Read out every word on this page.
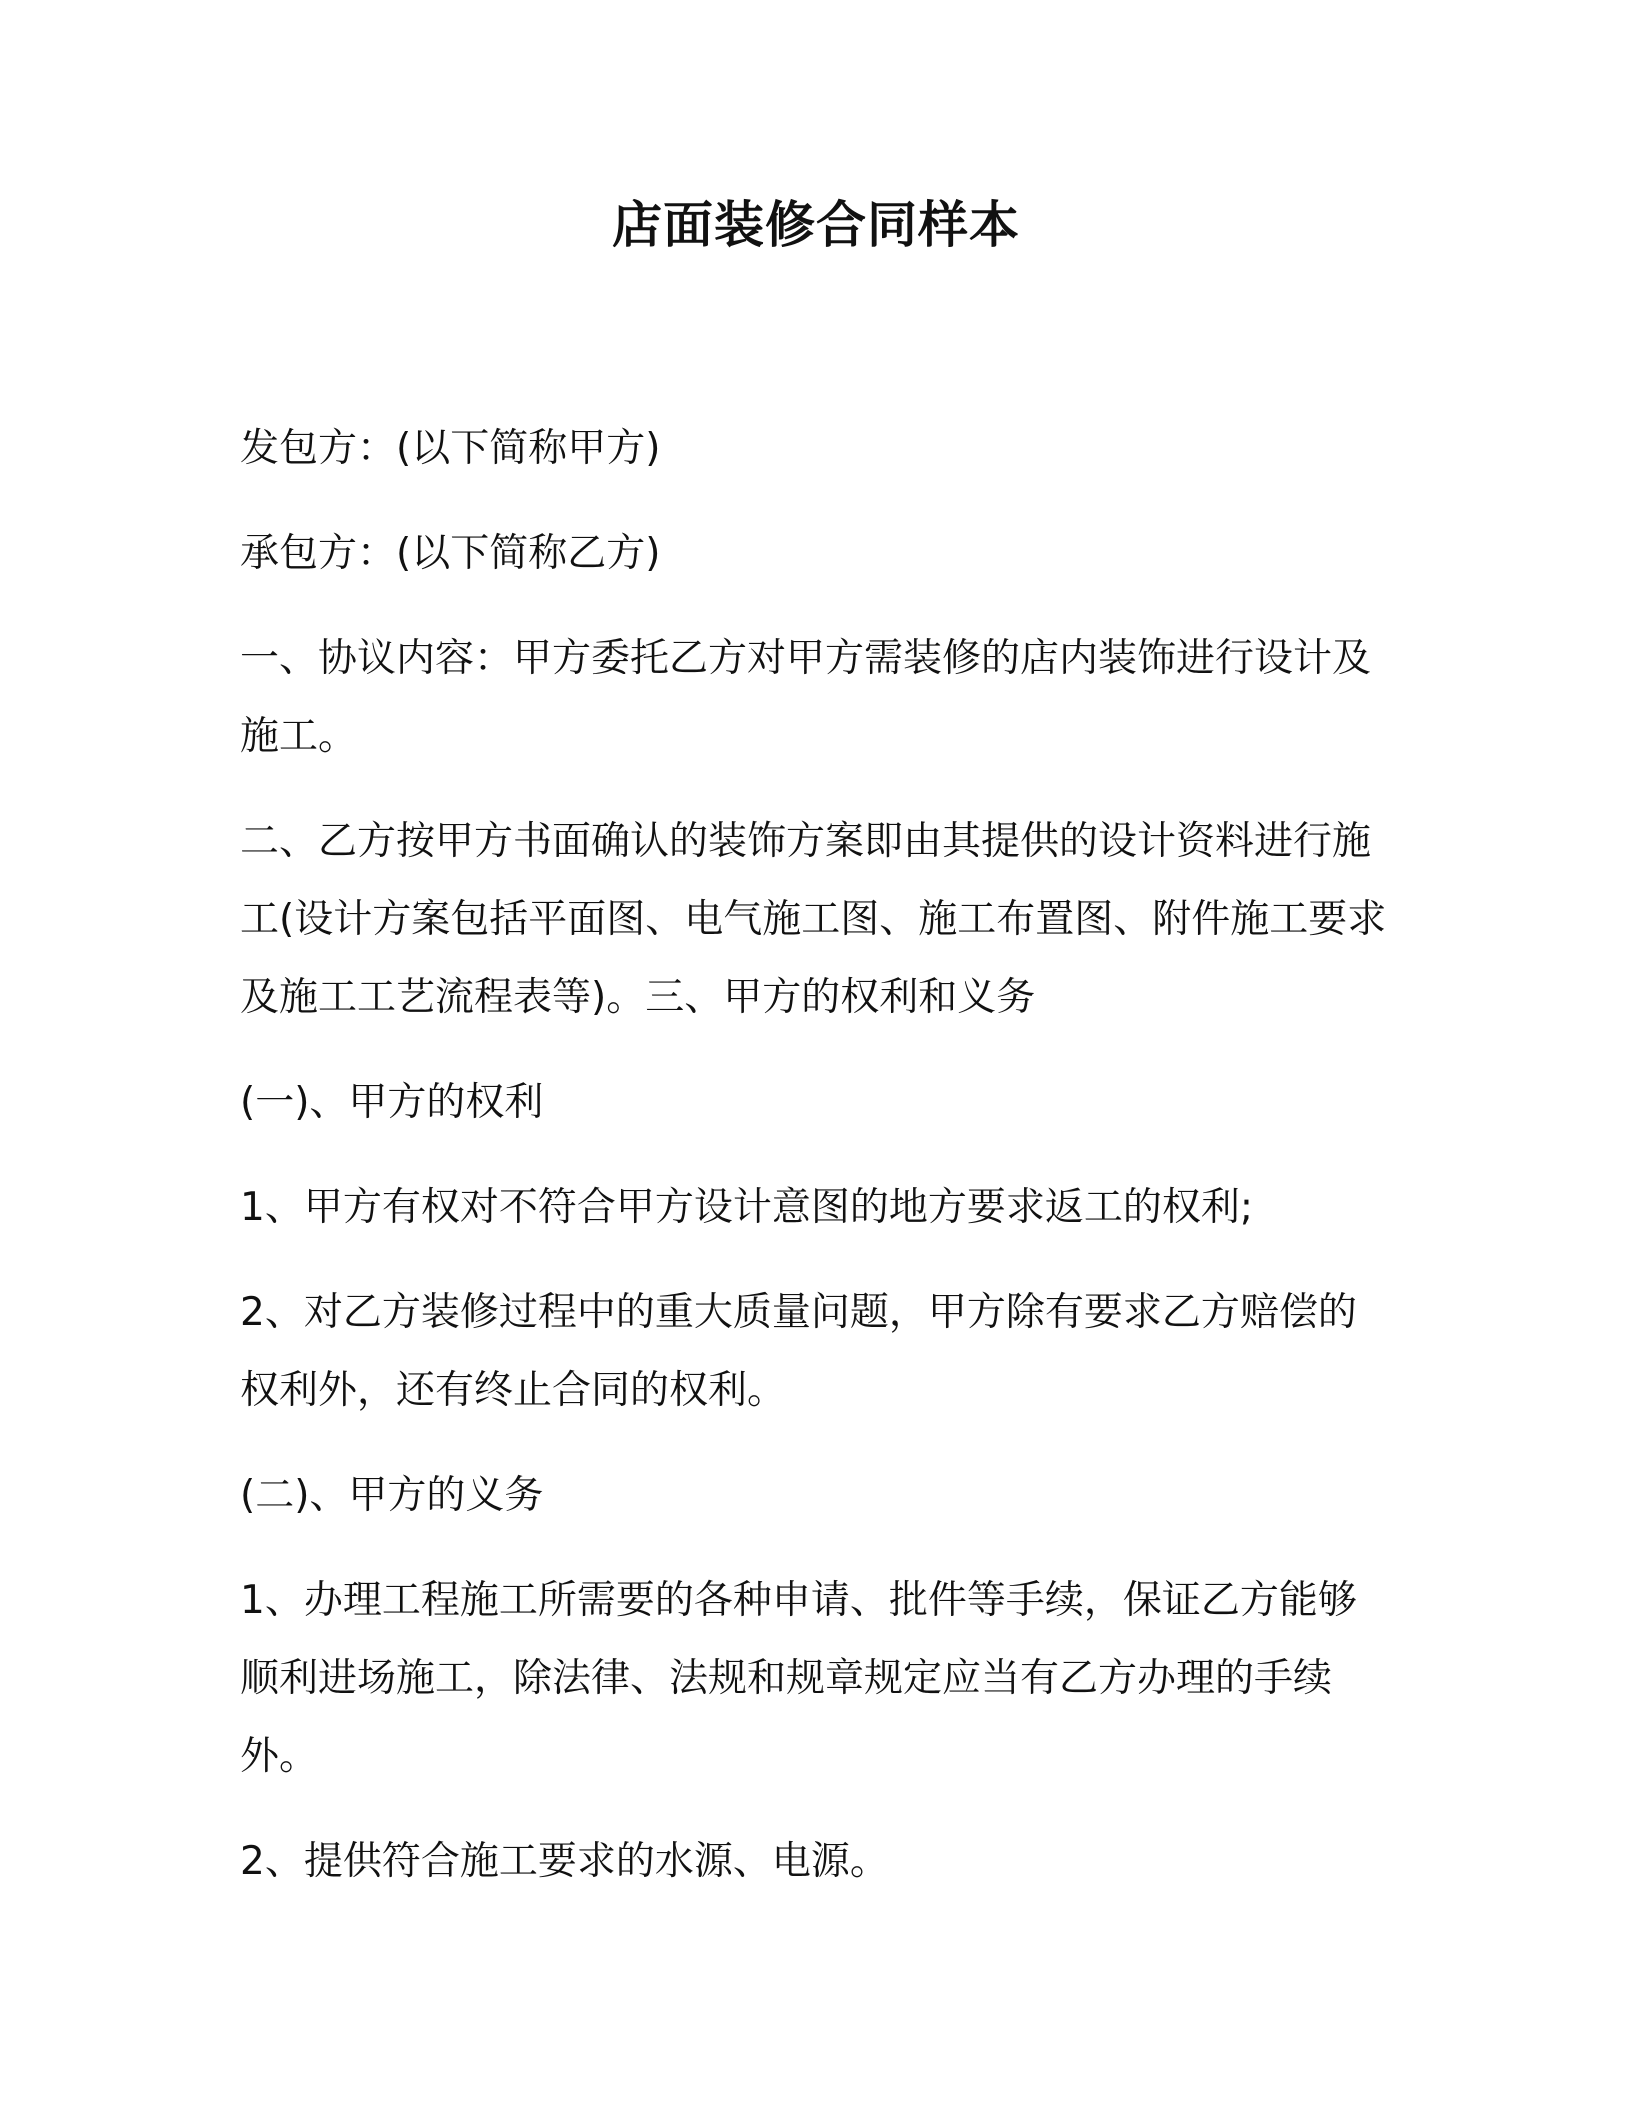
店面装修合同样本

发包方：(以下简称甲方)

承包方：(以下简称乙方)

一、协议内容：甲方委托乙方对甲方需装修的店内装饰进行设计及施工。

二、乙方按甲方书面确认的装饰方案即由其提供的设计资料进行施工(设计方案包括平面图、电气施工图、施工布置图、附件施工要求及施工工艺流程表等)。三、甲方的权利和义务

(一)、甲方的权利

1、甲方有权对不符合甲方设计意图的地方要求返工的权利;

2、对乙方装修过程中的重大质量问题，甲方除有要求乙方赔偿的权利外，还有终止合同的权利。

(二)、甲方的义务

1、办理工程施工所需要的各种申请、批件等手续，保证乙方能够顺利进场施工，除法律、法规和规章规定应当有乙方办理的手续外。

2、提供符合施工要求的水源、电源。
